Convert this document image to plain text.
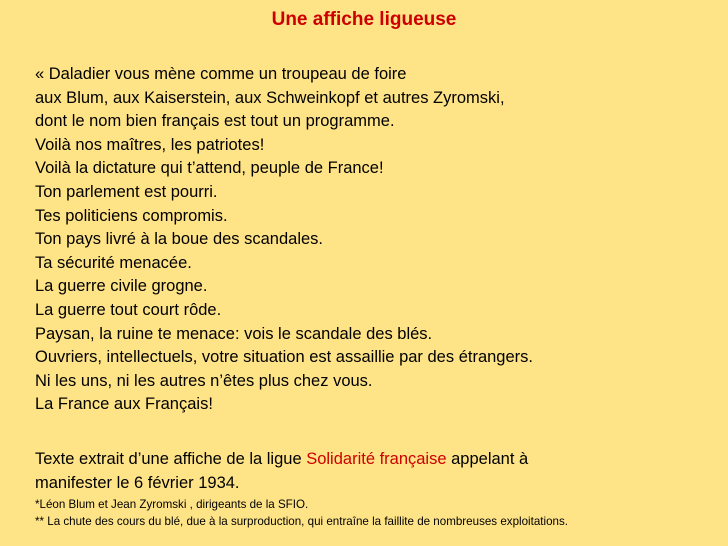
Une affiche ligueuse
« Daladier vous mène comme un troupeau de foire
aux Blum, aux Kaiserstein, aux Schweinkopf et autres Zyromski,
dont le nom bien français est tout un programme.
Voilà nos maîtres, les patriotes!
Voilà la dictature qui t’attend, peuple de France!
Ton parlement est pourri.
Tes politiciens compromis.
Ton pays livré à la boue des scandales.
Ta sécurité menacée.
La guerre civile grogne.
La guerre tout court rôde.
Paysan, la ruine te menace: vois le scandale des blés.
Ouvriers, intellectuels, votre situation est assaillie par des étrangers.
Ni les uns, ni les autres n’êtes plus chez vous.
La France aux Français!
Texte extrait d’une affiche de la ligue Solidarité française appelant à
manifester le 6 février 1934.
*Léon Blum et Jean Zyromski , dirigeants de la SFIO.
** La chute des cours du blé, due à la surproduction, qui entraîne la faillite de nombreuses exploitations.
